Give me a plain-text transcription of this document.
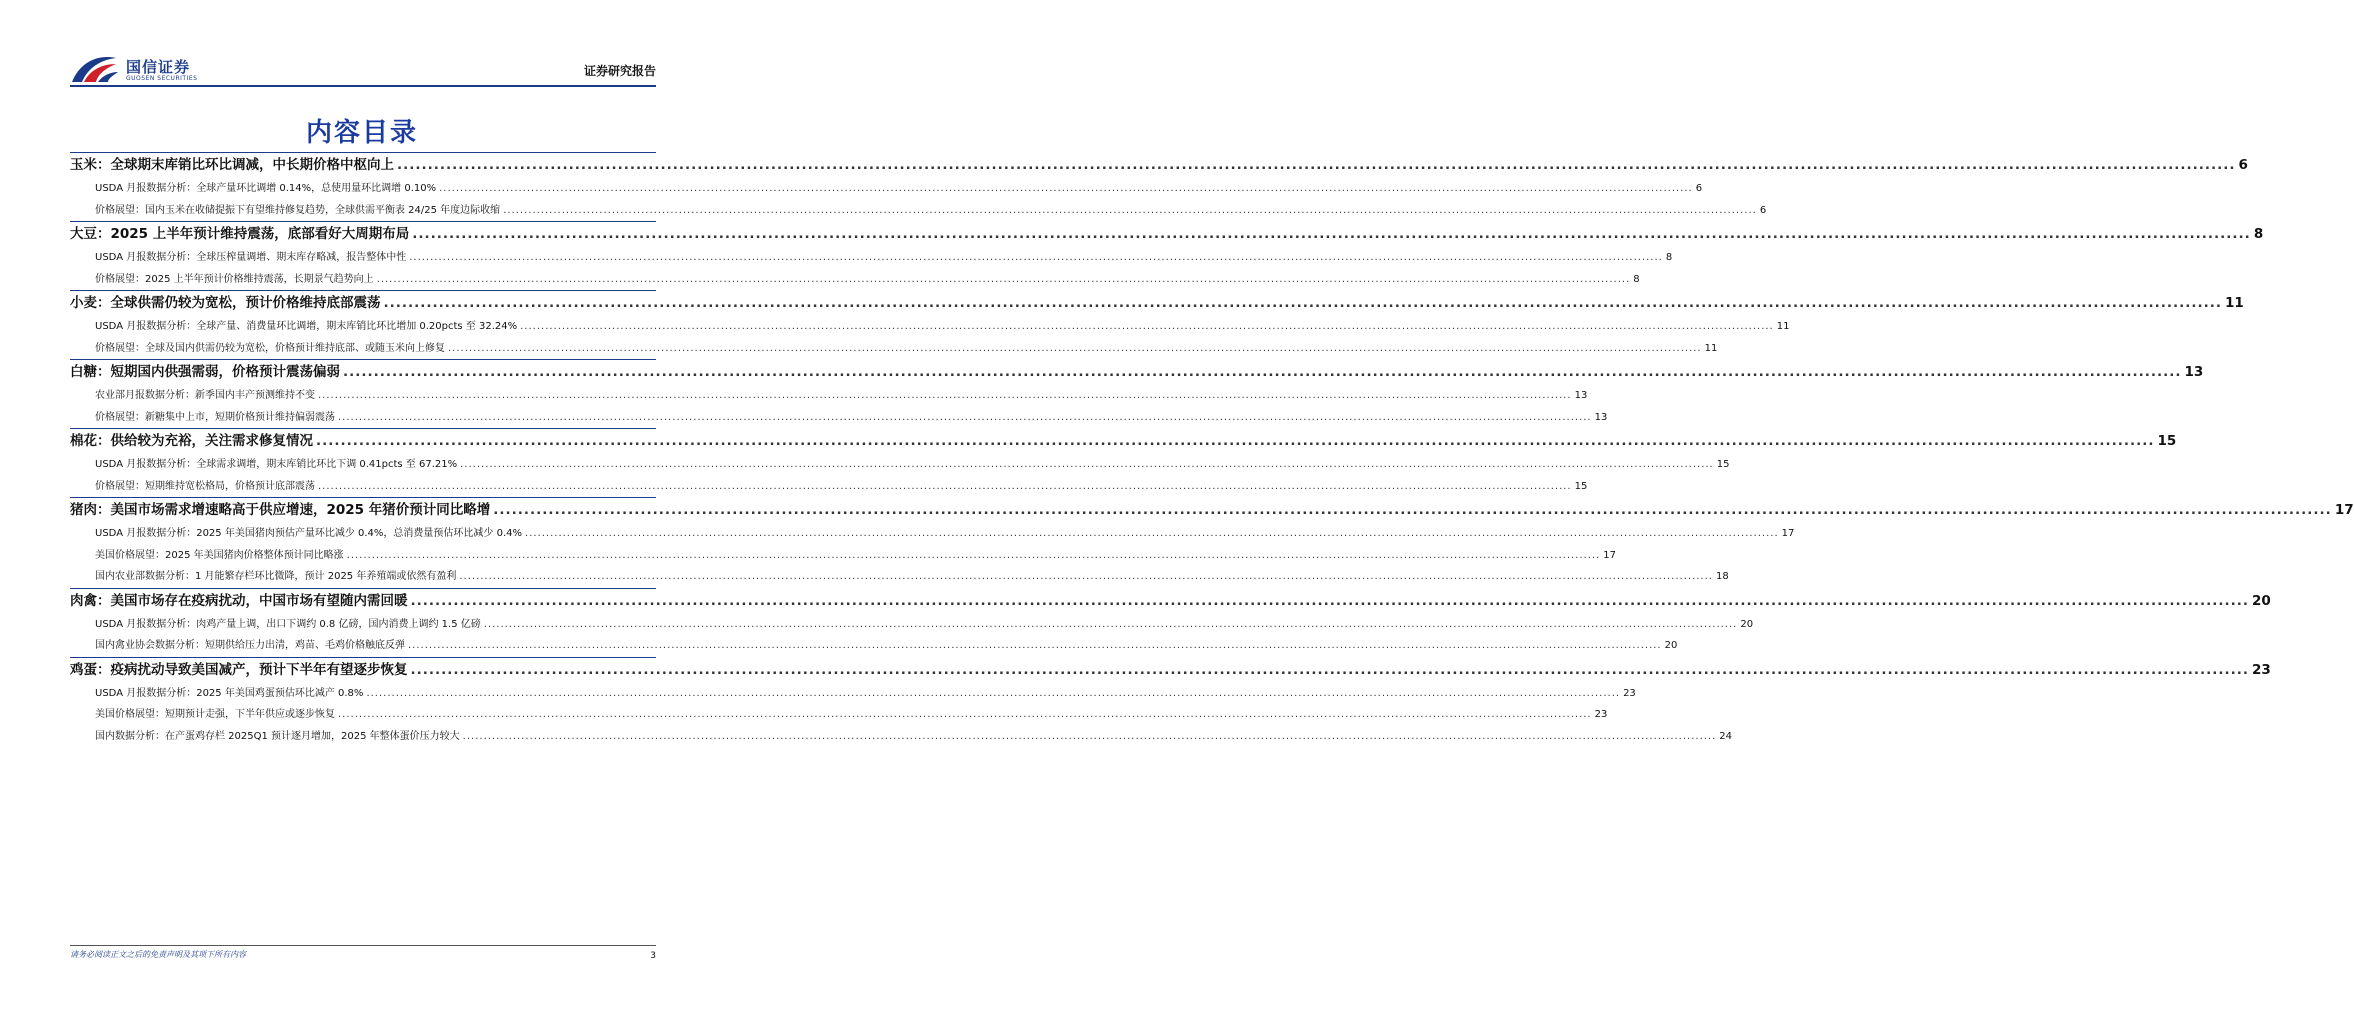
国信证券
GUOSEN SECURITIES
证券研究报告
内容目录
玉米：全球期末库销比环比调减，中长期价格中枢向上 ............................................................................................................................................................................................................................................................................................................ 6
USDA 月报数据分析：全球产量环比调增 0.14%，总使用量环比调增 0.10% ............................................................................................................................................................................................................................................................................................................ 6
价格展望：国内玉米在收储提振下有望维持修复趋势，全球供需平衡表 24/25 年度边际收缩 ............................................................................................................................................................................................................................................................................................................ 6
大豆：2025 上半年预计维持震荡，底部看好大周期布局 ............................................................................................................................................................................................................................................................................................................ 8
USDA 月报数据分析：全球压榨量调增、期末库存略减，报告整体中性 ............................................................................................................................................................................................................................................................................................................ 8
价格展望：2025 上半年预计价格维持震荡，长期景气趋势向上 ............................................................................................................................................................................................................................................................................................................ 8
小麦：全球供需仍较为宽松，预计价格维持底部震荡 ............................................................................................................................................................................................................................................................................................................ 11
USDA 月报数据分析：全球产量、消费量环比调增，期末库销比环比增加 0.20pcts 至 32.24% ............................................................................................................................................................................................................................................................................................................ 11
价格展望：全球及国内供需仍较为宽松，价格预计维持底部、或随玉米向上修复 ............................................................................................................................................................................................................................................................................................................ 11
白糖：短期国内供强需弱，价格预计震荡偏弱 ............................................................................................................................................................................................................................................................................................................ 13
农业部月报数据分析：新季国内丰产预测维持不变 ............................................................................................................................................................................................................................................................................................................ 13
价格展望：新糖集中上市，短期价格预计维持偏弱震荡 ............................................................................................................................................................................................................................................................................................................ 13
棉花：供给较为充裕，关注需求修复情况 ............................................................................................................................................................................................................................................................................................................ 15
USDA 月报数据分析：全球需求调增，期末库销比环比下调 0.41pcts 至 67.21% ............................................................................................................................................................................................................................................................................................................ 15
价格展望：短期维持宽松格局，价格预计底部震荡 ............................................................................................................................................................................................................................................................................................................ 15
猪肉：美国市场需求增速略高于供应增速，2025 年猪价预计同比略增 ............................................................................................................................................................................................................................................................................................................ 17
USDA 月报数据分析：2025 年美国猪肉预估产量环比减少 0.4%，总消费量预估环比减少 0.4% ............................................................................................................................................................................................................................................................................................................ 17
美国价格展望：2025 年美国猪肉价格整体预计同比略涨 ............................................................................................................................................................................................................................................................................................................ 17
国内农业部数据分析：1 月能繁存栏环比微降，预计 2025 年养殖端或依然有盈利 ............................................................................................................................................................................................................................................................................................................ 18
肉禽：美国市场存在疫病扰动，中国市场有望随内需回暖 ............................................................................................................................................................................................................................................................................................................ 20
USDA 月报数据分析：肉鸡产量上调，出口下调约 0.8 亿磅，国内消费上调约 1.5 亿磅 ............................................................................................................................................................................................................................................................................................................ 20
国内禽业协会数据分析：短期供给压力出清，鸡苗、毛鸡价格触底反弹 ............................................................................................................................................................................................................................................................................................................ 20
鸡蛋：疫病扰动导致美国减产，预计下半年有望逐步恢复 ............................................................................................................................................................................................................................................................................................................ 23
USDA 月报数据分析：2025 年美国鸡蛋预估环比减产 0.8% ............................................................................................................................................................................................................................................................................................................ 23
美国价格展望：短期预计走强，下半年供应或逐步恢复 ............................................................................................................................................................................................................................................................................................................ 23
国内数据分析：在产蛋鸡存栏 2025Q1 预计逐月增加，2025 年整体蛋价压力较大 ............................................................................................................................................................................................................................................................................................................ 24
请务必阅读正文之后的免责声明及其项下所有内容	3
